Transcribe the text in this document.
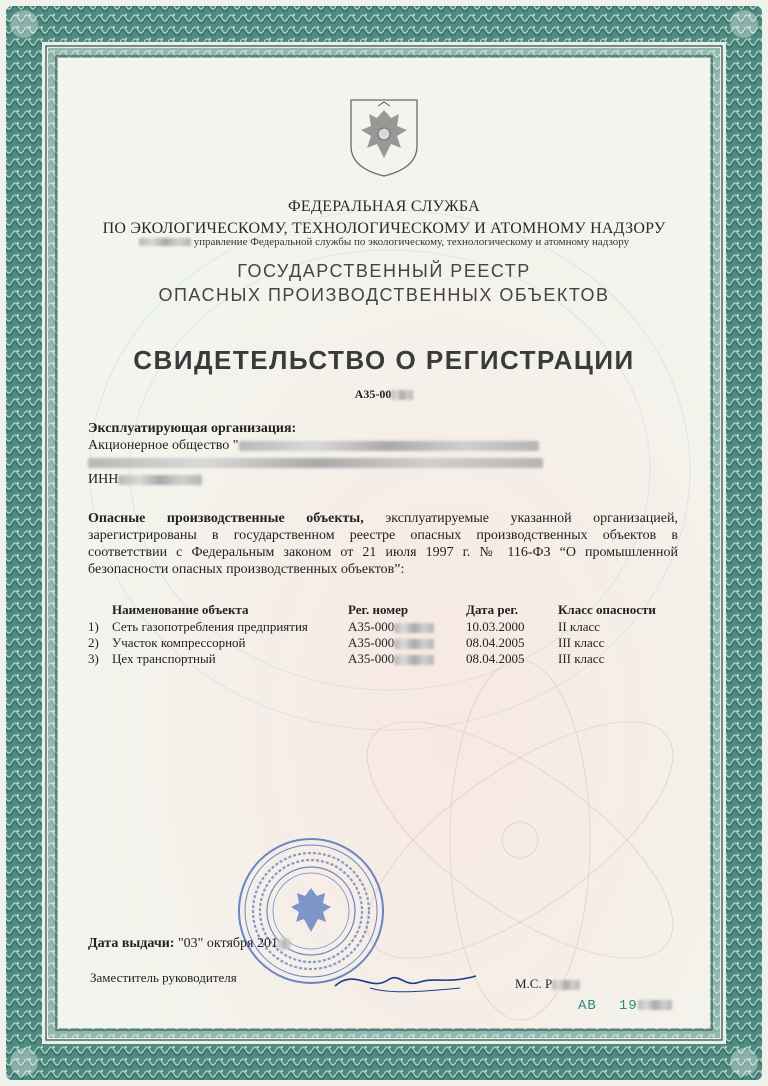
ФЕДЕРАЛЬНАЯ СЛУЖБА
ПО ЭКОЛОГИЧЕСКОМУ, ТЕХНОЛОГИЧЕСКОМУ И АТОМНОМУ НАДЗОРУ
управление Федеральной службы по экологическому, технологическому и атомному надзору
ГОСУДАРСТВЕННЫЙ РЕЕСТР
ОПАСНЫХ ПРОИЗВОДСТВЕННЫХ ОБЪЕКТОВ
СВИДЕТЕЛЬСТВО О РЕГИСТРАЦИИ
А35-00
Эксплуатирующая организация:
Акционерное общество "
ИНН
Опасные производственные объекты, эксплуатируемые указанной организацией, зарегистрированы в государственном реестре опасных производственных объектов в соответствии с Федеральным законом от 21 июля 1997 г. № 116-ФЗ “О промышленной безопасности опасных производственных объектов”:
	Наименование объекта	Рег. номер	Дата рег.	Класс опасности
1)	Сеть газопотребления предприятия	А35-000	10.03.2000	II класс
2)	Участок компрессорной	А35-000	08.04.2005	III класс
3)	Цех транспортный	А35-000	08.04.2005	III класс
Дата выдачи: "03" октября 201
Заместитель руководителя	М.С. Р
АВ 19
